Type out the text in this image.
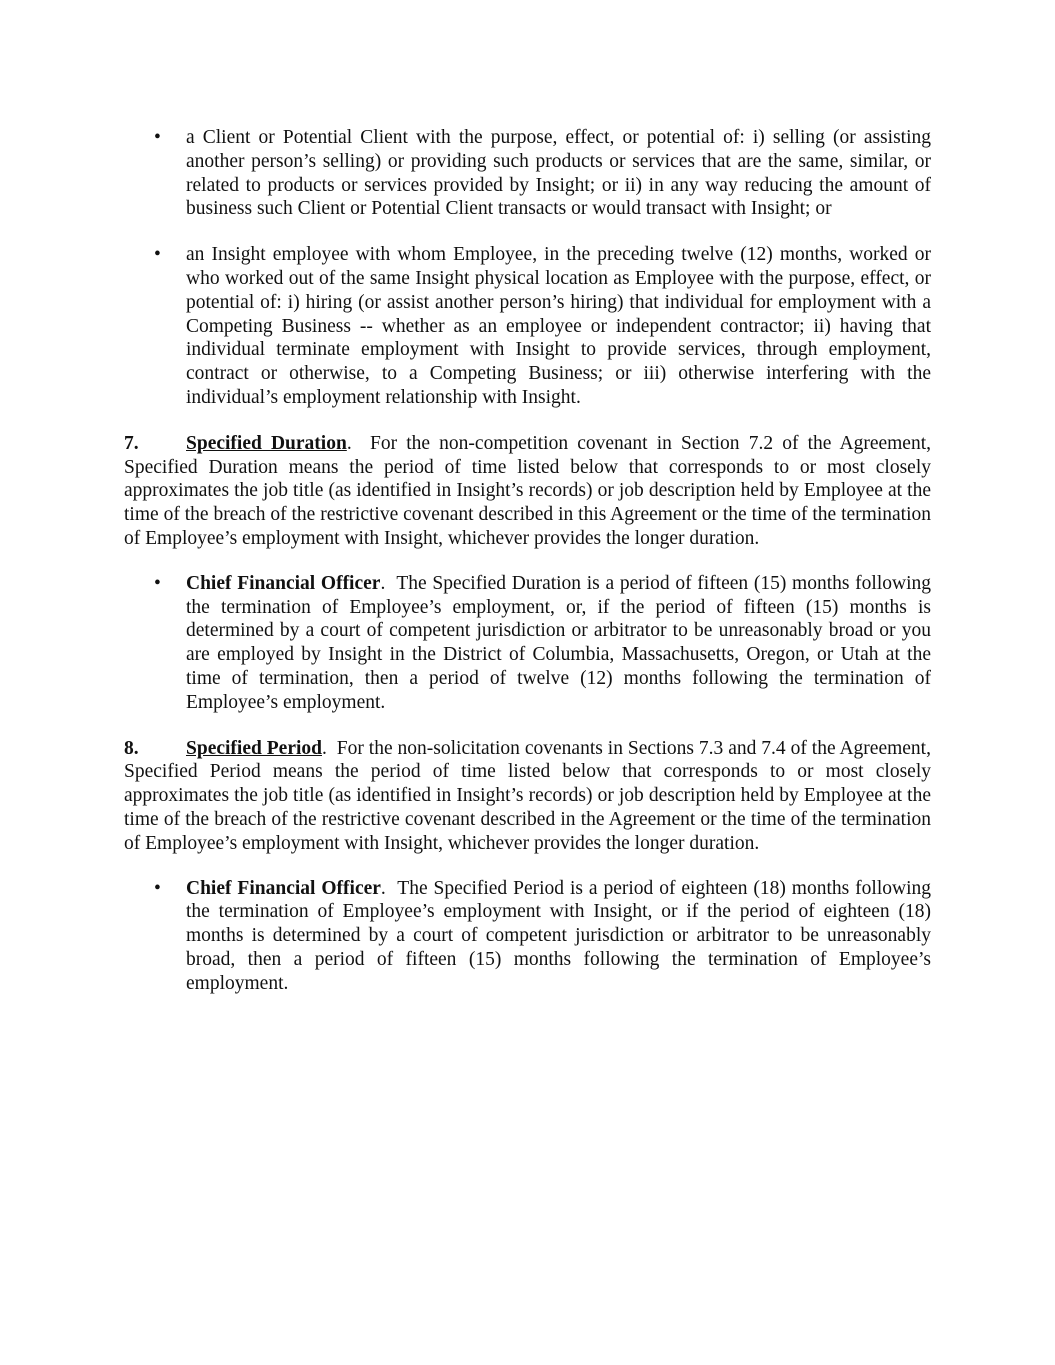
• a Client or Potential Client with the purpose, effect, or potential of: i) selling (or assisting another person’s selling) or providing such products or services that are the same, similar, or related to products or services provided by Insight; or ii) in any way reducing the amount of business such Client or Potential Client transacts or would transact with Insight; or

• an Insight employee with whom Employee, in the preceding twelve (12) months, worked or who worked out of the same Insight physical location as Employee with the purpose, effect, or potential of: i) hiring (or assist another person’s hiring) that individual for employment with a Competing Business -- whether as an employee or independent contractor; ii) having that individual terminate employment with Insight to provide services, through employment, contract or otherwise, to a Competing Business; or iii) otherwise interfering with the individual’s employment relationship with Insight.

7. Specified Duration. For the non-competition covenant in Section 7.2 of the Agreement, Specified Duration means the period of time listed below that corresponds to or most closely approximates the job title (as identified in Insight’s records) or job description held by Employee at the time of the breach of the restrictive covenant described in this Agreement or the time of the termination of Employee’s employment with Insight, whichever provides the longer duration.

• Chief Financial Officer. The Specified Duration is a period of fifteen (15) months following the termination of Employee’s employment, or, if the period of fifteen (15) months is determined by a court of competent jurisdiction or arbitrator to be unreasonably broad or you are employed by Insight in the District of Columbia, Massachusetts, Oregon, or Utah at the time of termination, then a period of twelve (12) months following the termination of Employee’s employment.

8. Specified Period. For the non-solicitation covenants in Sections 7.3 and 7.4 of the Agreement, Specified Period means the period of time listed below that corresponds to or most closely approximates the job title (as identified in Insight’s records) or job description held by Employee at the time of the breach of the restrictive covenant described in the Agreement or the time of the termination of Employee’s employment with Insight, whichever provides the longer duration.

• Chief Financial Officer. The Specified Period is a period of eighteen (18) months following the termination of Employee’s employment with Insight, or if the period of eighteen (18) months is determined by a court of competent jurisdiction or arbitrator to be unreasonably broad, then a period of fifteen (15) months following the termination of Employee’s employment.
